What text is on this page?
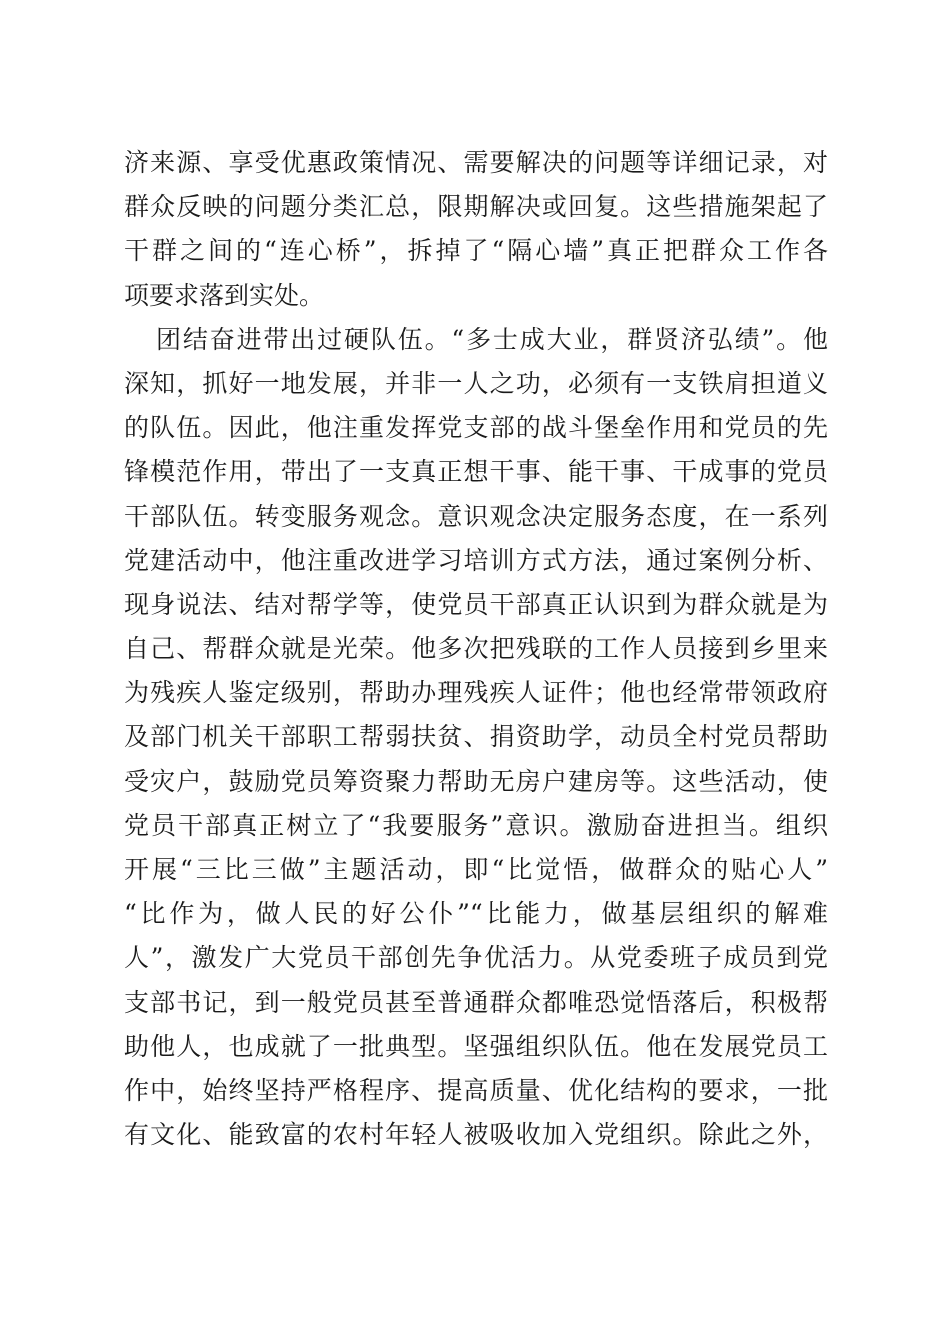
济来源、享受优惠政策情况、需要解决的问题等详细记录，对
群众反映的问题分类汇总，限期解决或回复。这些措施架起了
干群之间的“连心桥”，拆掉了“隔心墙”真正把群众工作各
项要求落到实处。
团结奋进带出过硬队伍。“多士成大业，群贤济弘绩”。他
深知，抓好一地发展，并非一人之功，必须有一支铁肩担道义
的队伍。因此，他注重发挥党支部的战斗堡垒作用和党员的先
锋模范作用，带出了一支真正想干事、能干事、干成事的党员
干部队伍。转变服务观念。意识观念决定服务态度，在一系列
党建活动中，他注重改进学习培训方式方法，通过案例分析、
现身说法、结对帮学等，使党员干部真正认识到为群众就是为
自己、帮群众就是光荣。他多次把残联的工作人员接到乡里来
为残疾人鉴定级别，帮助办理残疾人证件；他也经常带领政府
及部门机关干部职工帮弱扶贫、捐资助学，动员全村党员帮助
受灾户，鼓励党员筹资聚力帮助无房户建房等。这些活动，使
党员干部真正树立了“我要服务”意识。激励奋进担当。组织
开展“三比三做”主题活动，即“比觉悟，做群众的贴心人”
“比作为，做人民的好公仆”“比能力，做基层组织的解难
人”，激发广大党员干部创先争优活力。从党委班子成员到党
支部书记，到一般党员甚至普通群众都唯恐觉悟落后，积极帮
助他人，也成就了一批典型。坚强组织队伍。他在发展党员工
作中，始终坚持严格程序、提高质量、优化结构的要求，一批
有文化、能致富的农村年轻人被吸收加入党组织。除此之外，
